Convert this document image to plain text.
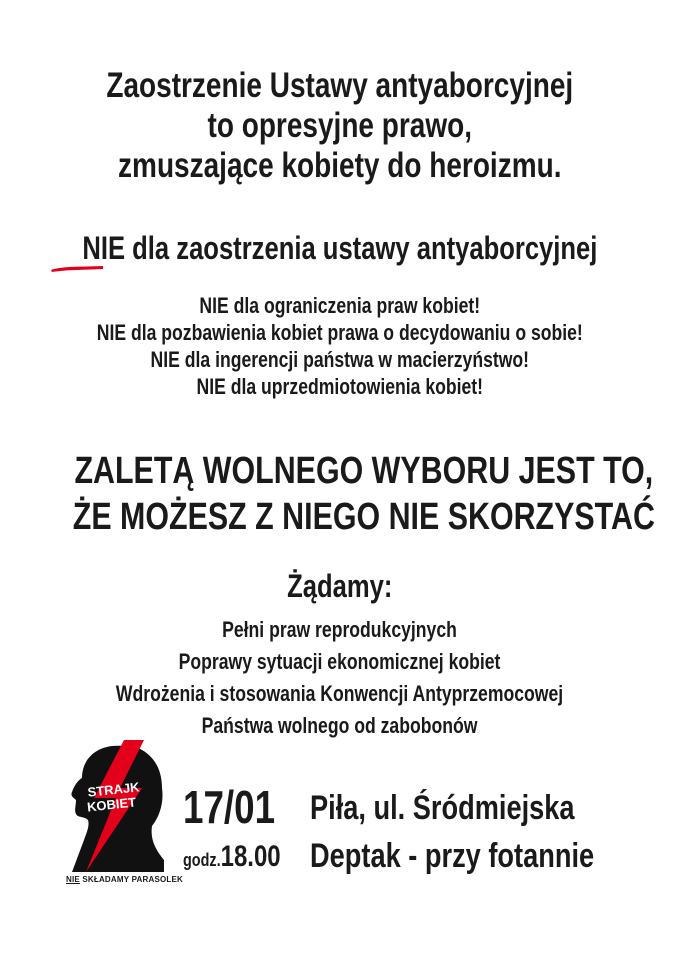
Zaostrzenie Ustawy antyaborcyjnej
to opresyjne prawo,
zmuszające kobiety do heroizmu.
NIE dla zaostrzenia ustawy antyaborcyjnej
NIE dla ograniczenia praw kobiet!
NIE dla pozbawienia kobiet prawa o decydowaniu o sobie!
NIE dla ingerencji państwa w macierzyństwo!
NIE dla uprzedmiotowienia kobiet!
ZALETĄ WOLNEGO WYBORU JEST TO,
ŻE MOŻESZ Z NIEGO NIE SKORZYSTAĆ
Żądamy:
Pełni praw reprodukcyjnych
Poprawy sytuacji ekonomicznej kobiet
Wdrożenia i stosowania Konwencji Antyprzemocowej
Państwa wolnego od zabobonów
STRAJK
KOBIET
NIE SKŁADAMY PARASOLEK
17/01
godz.18.00
Piła, ul. Śródmiejska
Deptak - przy fotannie
